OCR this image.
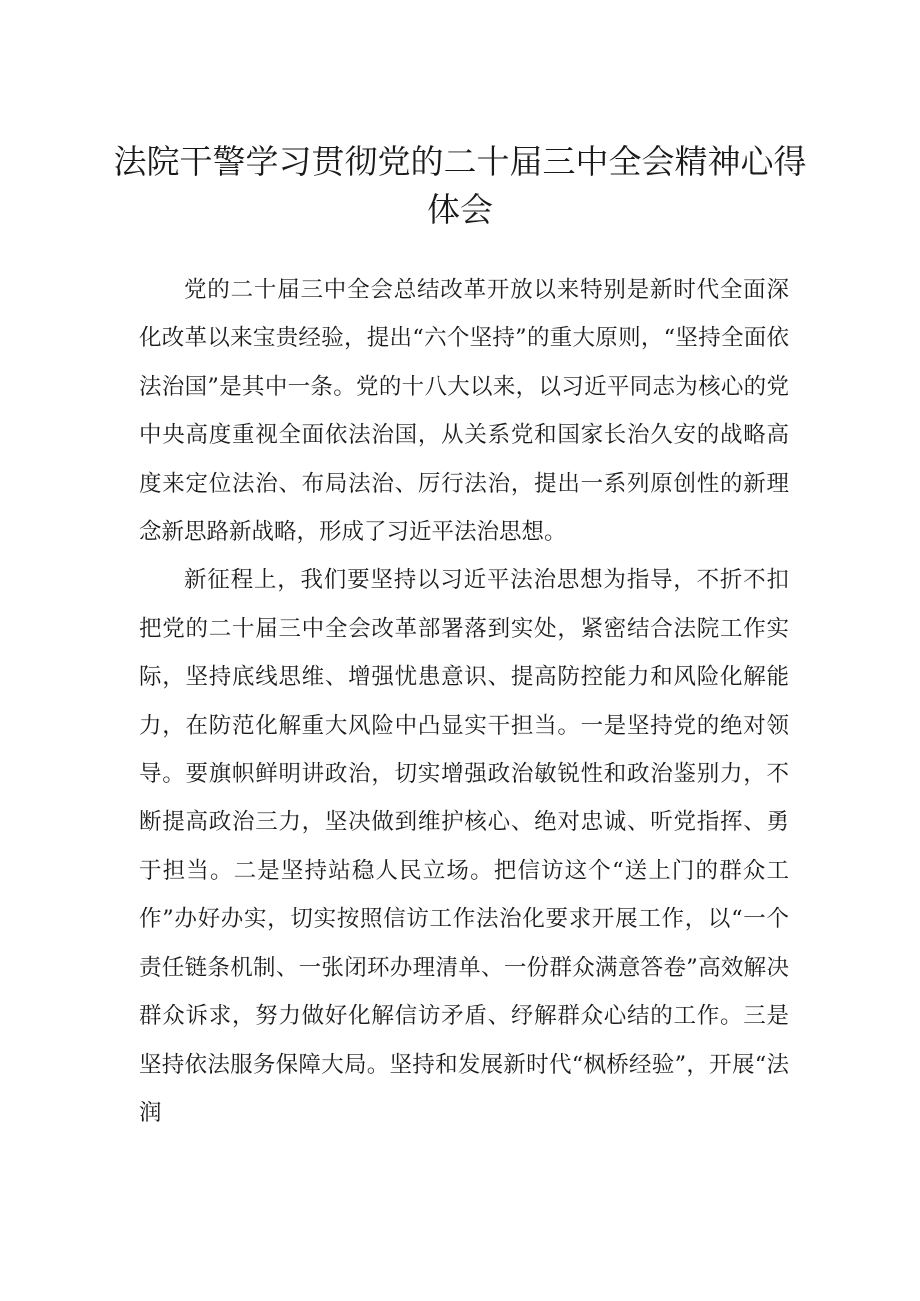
法院干警学习贯彻党的二十届三中全会精神心得体会

党的二十届三中全会总结改革开放以来特别是新时代全面深化改革以来宝贵经验，提出“六个坚持”的重大原则，“坚持全面依法治国”是其中一条。党的十八大以来，以习近平同志为核心的党中央高度重视全面依法治国，从关系党和国家长治久安的战略高度来定位法治、布局法治、厉行法治，提出一系列原创性的新理念新思路新战略，形成了习近平法治思想。

新征程上，我们要坚持以习近平法治思想为指导，不折不扣把党的二十届三中全会改革部署落到实处，紧密结合法院工作实际，坚持底线思维、增强忧患意识、提高防控能力和风险化解能力，在防范化解重大风险中凸显实干担当。一是坚持党的绝对领导。要旗帜鲜明讲政治，切实增强政治敏锐性和政治鉴别力，不断提高政治三力，坚决做到维护核心、绝对忠诚、听党指挥、勇于担当。二是坚持站稳人民立场。把信访这个“送上门的群众工作”办好办实，切实按照信访工作法治化要求开展工作，以“一个责任链条机制、一张闭环办理清单、一份群众满意答卷”高效解决群众诉求，努力做好化解信访矛盾、纾解群众心结的工作。三是坚持依法服务保障大局。坚持和发展新时代“枫桥经验”，开展“法润
